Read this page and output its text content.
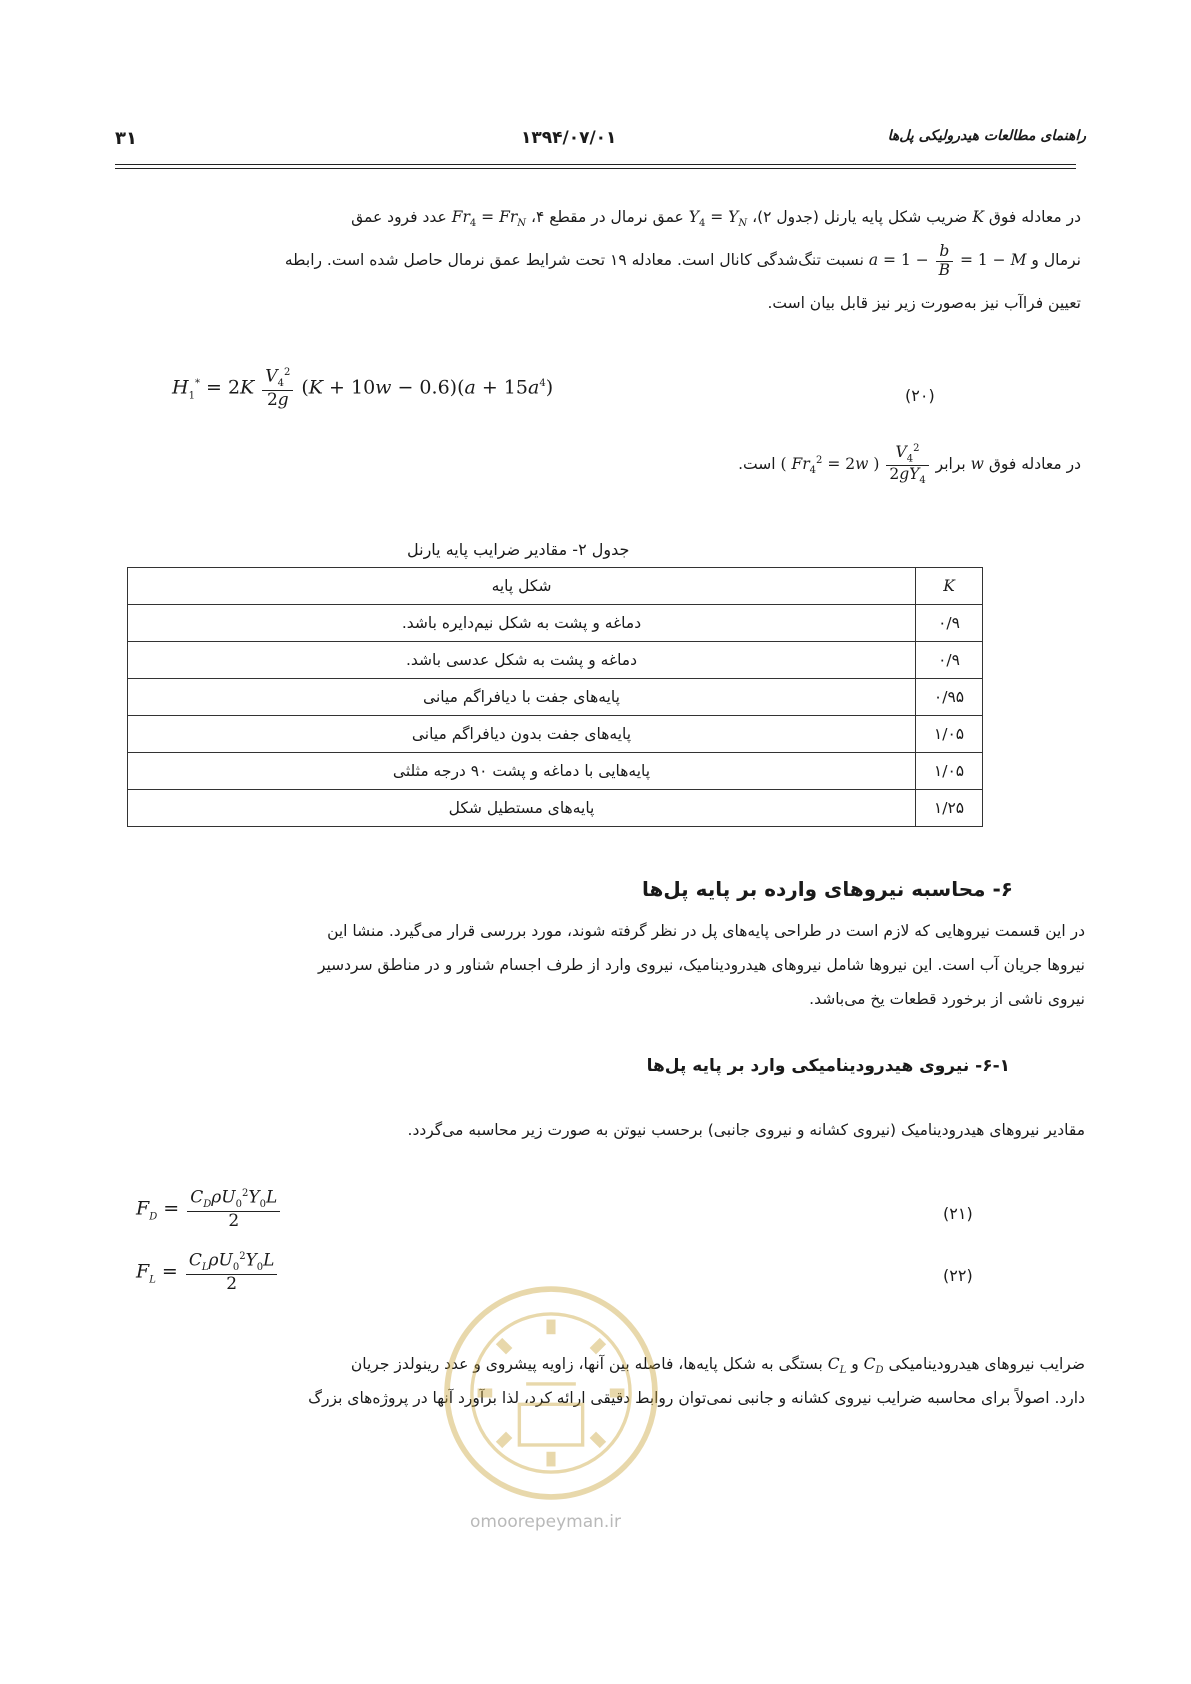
راهنمای مطالعات هیدرولیکی پل‌ها
۱۳۹۴/۰۷/۰۱
۳۱
در معادله فوق K ضریب شکل پایه یارنل (جدول ۲)، $Y_4 = Y_N$ عمق نرمال در مقطع ۴، $Fr_4 = Fr_N$ عدد فرود عمق
نرمال و $a = 1 - \frac{b}{B} = 1 - M$ نسبت تنگ‌شدگی کانال است. معادله ۱۹ تحت شرایط عمق نرمال حاصل شده است. رابطه
تعیین فراآب نیز به‌صورت زیر نیز قابل بیان است.
$H_1^* = 2K \frac{V_4^2}{2g} (K + 10w - 0.6)(a + 15a^4)$	(۲۰)
در معادله فوق w برابر
$\frac{V_4^2}{2gY_4}$
( $Fr_4^2 = 2w$ ) است.
جدول ۲- مقادیر ضرایب پایه یارنل
K	شکل پایه
۰/۹	دماغه و پشت به شکل نیم‌دایره باشد.
۰/۹	دماغه و پشت به شکل عدسی باشد.
۰/۹۵	پایه‌های جفت با دیافراگم میانی
۱/۰۵	پایه‌های جفت بدون دیافراگم میانی
۱/۰۵	پایه‌هایی با دماغه و پشت ۹۰ درجه مثلثی
۱/۲۵	پایه‌های مستطیل شکل
۶- محاسبه نیروهای وارده بر پایه پل‌ها
در این قسمت نیروهایی که لازم است در طراحی پایه‌های پل در نظر گرفته شوند، مورد بررسی قرار می‌گیرد. منشا این
نیروها جریان آب است. این نیروها شامل نیروهای هیدرودینامیک، نیروی وارد از طرف اجسام شناور و در مناطق سردسیر
نیروی ناشی از برخورد قطعات یخ می‌باشد.
۶-۱- نیروی هیدرودینامیکی وارد بر پایه پل‌ها
مقادیر نیروهای هیدرودینامیک (نیروی کشانه و نیروی جانبی) برحسب نیوتن به صورت زیر محاسبه می‌گردد.
$F_D = \frac{C_D\rho U_0^2Y_0L}{2}$	(۲۱)
$F_L = \frac{C_L\rho U_0^2Y_0L}{2}$	(۲۲)
ضرایب نیروهای هیدرودینامیکی $C_D$ و $C_L$ بستگی به شکل پایه‌ها، فاصله بین آنها، زاویه پیشروی و عدد رینولدز جریان
دارد. اصولاً برای محاسبه ضرایب نیروی کشانه و جانبی نمی‌توان روابط دقیقی ارائه کرد، لذا برآورد آنها در پروژه‌های بزرگ
omoorepeyman.ir
